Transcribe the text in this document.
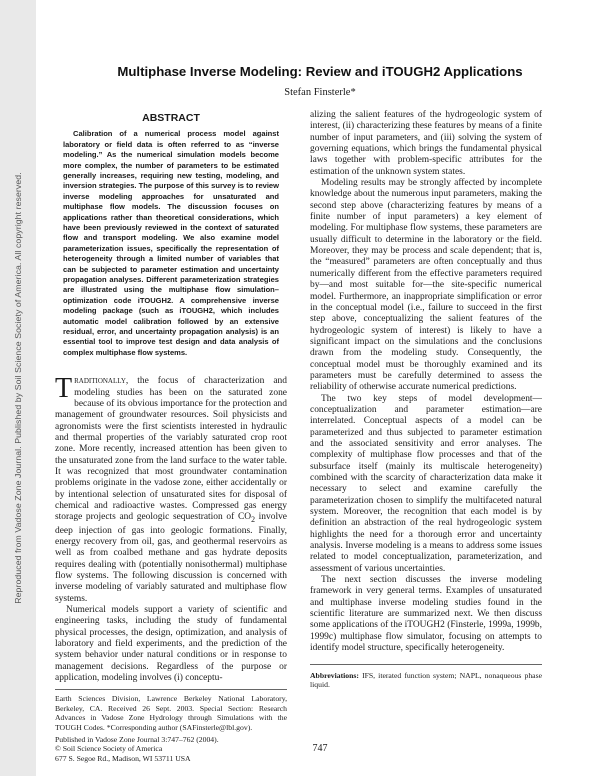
Reproduced from Vadose Zone Journal. Published by Soil Science Society of America. All copyright reserved.
Multiphase Inverse Modeling: Review and iTOUGH2 Applications
Stefan Finsterle*
ABSTRACT

Calibration of a numerical process model against laboratory or field data is often referred to as “inverse modeling.” As the numerical simulation models become more complex, the number of parameters to be estimated generally increases, requiring new testing, modeling, and inversion strategies. The purpose of this survey is to review inverse modeling approaches for unsaturated and multiphase flow models. The discussion focuses on applications rather than theoretical considerations, which have been previously reviewed in the context of saturated flow and transport modeling. We also examine model parameterization issues, specifically the representation of heterogeneity through a limited number of variables that can be subjected to parameter estimation and uncertainty propagation analyses. Different parameterization strategies are illustrated using the multiphase flow simulation–optimization code iTOUGH2. A comprehensive inverse modeling package (such as iTOUGH2, which includes automatic model calibration followed by an extensive residual, error, and uncertainty propagation analysis) is an essential tool to improve test design and data analysis of complex multiphase flow systems.

Traditionally, the focus of characterization and modeling studies has been on the saturated zone because of its obvious importance for the protection and management of groundwater resources. Soil physicists and agronomists were the first scientists interested in hydraulic and thermal properties of the variably saturated crop root zone. More recently, increased attention has been given to the unsaturated zone from the land surface to the water table. It was recognized that most groundwater contamination problems originate in the vadose zone, either accidentally or by intentional selection of unsaturated sites for disposal of chemical and radioactive wastes. Compressed gas energy storage projects and geologic sequestration of $CO_2$ involve deep injection of gas into geologic formations. Finally, energy recovery from oil, gas, and geothermal reservoirs as well as from coalbed methane and gas hydrate deposits requires dealing with (potentially nonisothermal) multiphase flow systems. The following discussion is concerned with inverse modeling of variably saturated and multiphase flow systems.

Numerical models support a variety of scientific and engineering tasks, including the study of fundamental physical processes, the design, optimization, and analysis of laboratory and field experiments, and the prediction of the system behavior under natural conditions or in response to management decisions. Regardless of the purpose or application, modeling involves (i) conceptu-

Earth Sciences Division, Lawrence Berkeley National Laboratory, Berkeley, CA. Received 26 Sept. 2003. Special Section: Research Advances in Vadose Zone Hydrology through Simulations with the TOUGH Codes. *Corresponding author (SAFinsterle@lbl.gov).

Published in Vadose Zone Journal 3:747–762 (2004).
© Soil Science Society of America
677 S. Segoe Rd., Madison, WI 53711 USA

alizing the salient features of the hydrogeologic system of interest, (ii) characterizing these features by means of a finite number of input parameters, and (iii) solving the system of governing equations, which brings the fundamental physical laws together with problem-specific attributes for the estimation of the unknown system states.

Modeling results may be strongly affected by incomplete knowledge about the numerous input parameters, making the second step above (characterizing features by means of a finite number of input parameters) a key element of modeling. For multiphase flow systems, these parameters are usually difficult to determine in the laboratory or the field. Moreover, they may be process and scale dependent; that is, the “measured” parameters are often conceptually and thus numerically different from the effective parameters required by—and most suitable for—the site-specific numerical model. Furthermore, an inappropriate simplification or error in the conceptual model (i.e., failure to succeed in the first step above, conceptualizing the salient features of the hydrogeologic system of interest) is likely to have a significant impact on the simulations and the conclusions drawn from the modeling study. Consequently, the conceptual model must be thoroughly examined and its parameters must be carefully determined to assess the reliability of otherwise accurate numerical predictions.

The two key steps of model development—conceptualization and parameter estimation—are interrelated. Conceptual aspects of a model can be parameterized and thus subjected to parameter estimation and the associated sensitivity and error analyses. The complexity of multiphase flow processes and that of the subsurface itself (mainly its multiscale heterogeneity) combined with the scarcity of characterization data make it necessary to select and examine carefully the parameterization chosen to simplify the multifaceted natural system. Moreover, the recognition that each model is by definition an abstraction of the real hydrogeologic system highlights the need for a thorough error and uncertainty analysis. Inverse modeling is a means to address some issues related to model conceptualization, parameterization, and assessment of various uncertainties.

The next section discusses the inverse modeling framework in very general terms. Examples of unsaturated and multiphase inverse modeling studies found in the scientific literature are summarized next. We then discuss some applications of the iTOUGH2 (Finsterle, 1999a, 1999b, 1999c) multiphase flow simulator, focusing on attempts to identify model structure, specifically heterogeneity.

Abbreviations: IFS, iterated function system; NAPL, nonaqueous phase liquid.
747
